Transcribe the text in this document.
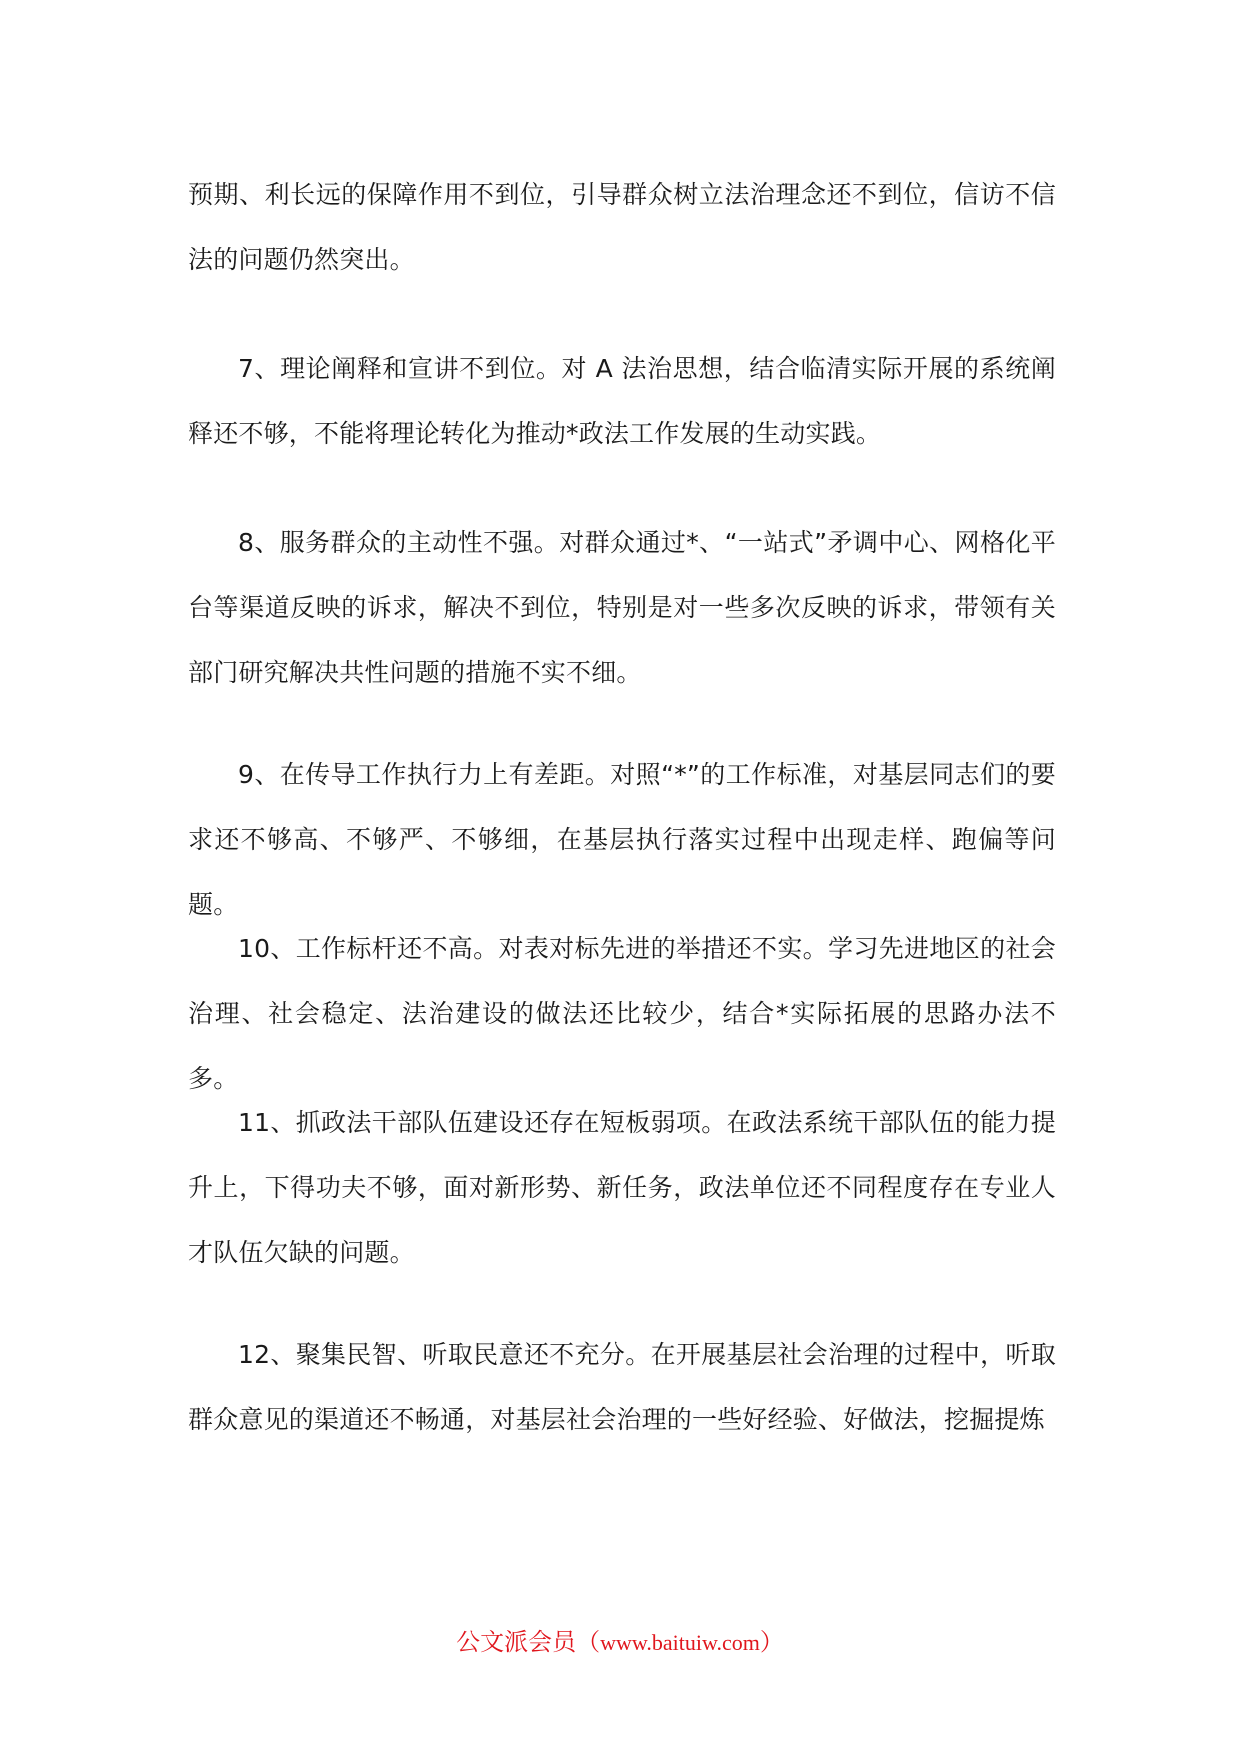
预期、利长远的保障作用不到位，引导群众树立法治理念还不到位，信访不信法的问题仍然突出。

7、理论阐释和宣讲不到位。对 A 法治思想，结合临清实际开展的系统阐释还不够，不能将理论转化为推动*政法工作发展的生动实践。

8、服务群众的主动性不强。对群众通过*、“一站式”矛调中心、网格化平台等渠道反映的诉求，解决不到位，特别是对一些多次反映的诉求，带领有关部门研究解决共性问题的措施不实不细。

9、在传导工作执行力上有差距。对照“*”的工作标准，对基层同志们的要求还不够高、不够严、不够细，在基层执行落实过程中出现走样、跑偏等问题。

10、工作标杆还不高。对表对标先进的举措还不实。学习先进地区的社会治理、社会稳定、法治建设的做法还比较少，结合*实际拓展的思路办法不多。

11、抓政法干部队伍建设还存在短板弱项。在政法系统干部队伍的能力提升上，下得功夫不够，面对新形势、新任务，政法单位还不同程度存在专业人才队伍欠缺的问题。

12、聚集民智、听取民意还不充分。在开展基层社会治理的过程中，听取群众意见的渠道还不畅通，对基层社会治理的一些好经验、好做法，挖掘提炼

公文派会员（www.baituiw.com）
